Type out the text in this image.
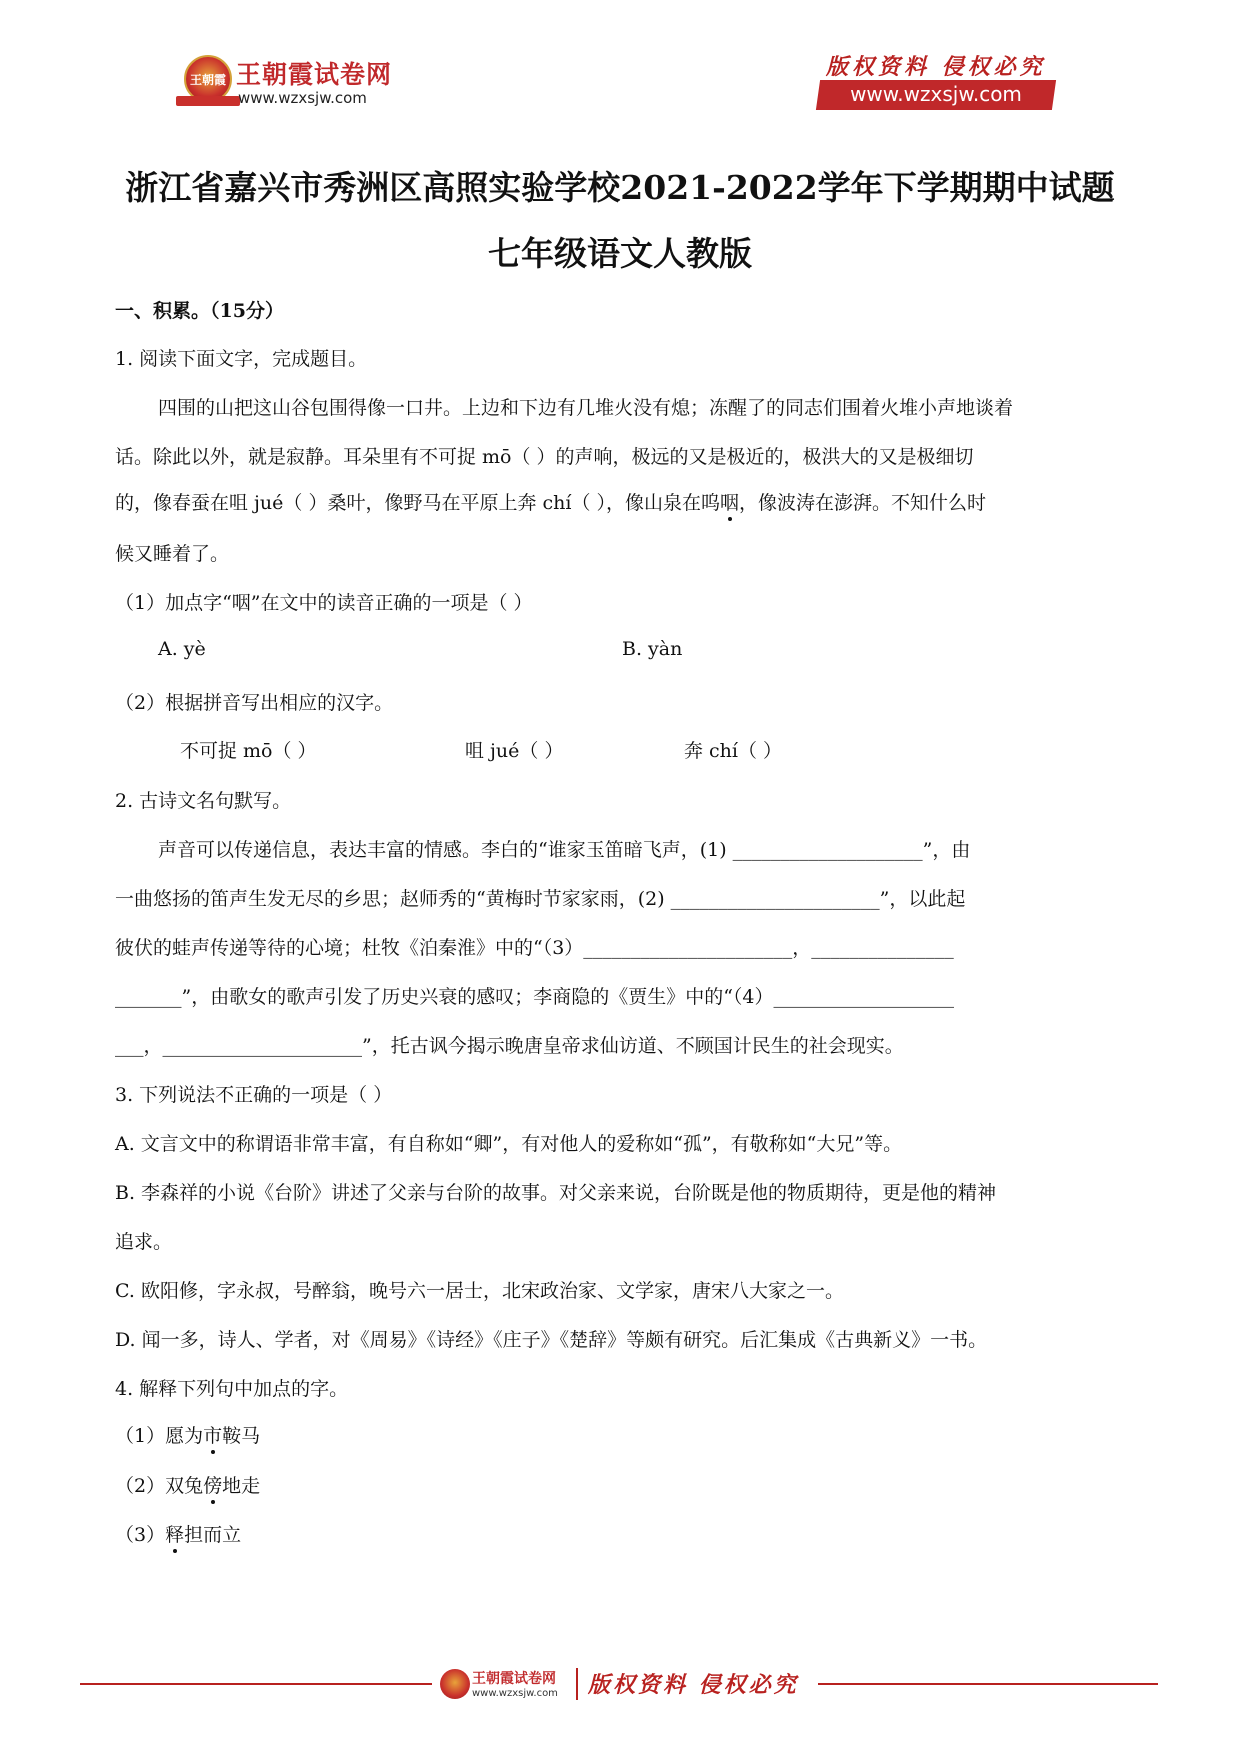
王朝霞 王朝霞试卷网
www.wzxsjw.com
版权资料 侵权必究
www.wzxsjw.com
浙江省嘉兴市秀洲区高照实验学校2021-2022学年下学期期中试题
七年级语文人教版
一、积累。（15分）
1. 阅读下面文字，完成题目。
四围的山把这山谷包围得像一口井。上边和下边有几堆火没有熄；冻醒了的同志们围着火堆小声地谈着
话。除此以外，就是寂静。耳朵里有不可捉 mō（ ）的声响，极远的又是极近的，极洪大的又是极细切
的，像春蚕在咀 jué（ ）桑叶，像野马在平原上奔 chí（ ），像山泉在呜咽，像波涛在澎湃。不知什么时
候又睡着了。
（1）加点字“咽”在文中的读音正确的一项是（ ）
A. yè	B. yàn
（2）根据拼音写出相应的汉字。
不可捉 mō（ ）	咀 jué（ ）	奔 chí（ ）
2. 古诗文名句默写。
声音可以传递信息，表达丰富的情感。李白的“谁家玉笛暗飞声，(1) ____________________”，由
一曲悠扬的笛声生发无尽的乡思；赵师秀的“黄梅时节家家雨，(2) ______________________”，以此起
彼伏的蛙声传递等待的心境；杜牧《泊秦淮》中的“（3）______________________，_______________
_______”，由歌女的歌声引发了历史兴衰的感叹；李商隐的《贾生》中的“（4）___________________
___，_____________________”，托古讽今揭示晚唐皇帝求仙访道、不顾国计民生的社会现实。
3. 下列说法不正确的一项是（ ）
A. 文言文中的称谓语非常丰富，有自称如“卿”，有对他人的爱称如“孤”，有敬称如“大兄”等。
B. 李森祥的小说《台阶》讲述了父亲与台阶的故事。对父亲来说，台阶既是他的物质期待，更是他的精神
追求。
C. 欧阳修，字永叔，号醉翁，晚号六一居士，北宋政治家、文学家，唐宋八大家之一。
D. 闻一多，诗人、学者，对《周易》《诗经》《庄子》《楚辞》等颇有研究。后汇集成《古典新义》一书。
4. 解释下列句中加点的字。
（1）愿为市鞍马
（2）双兔傍地走
（3）释担而立
王朝霞试卷网
www.wzxsjw.com 版权资料 侵权必究
